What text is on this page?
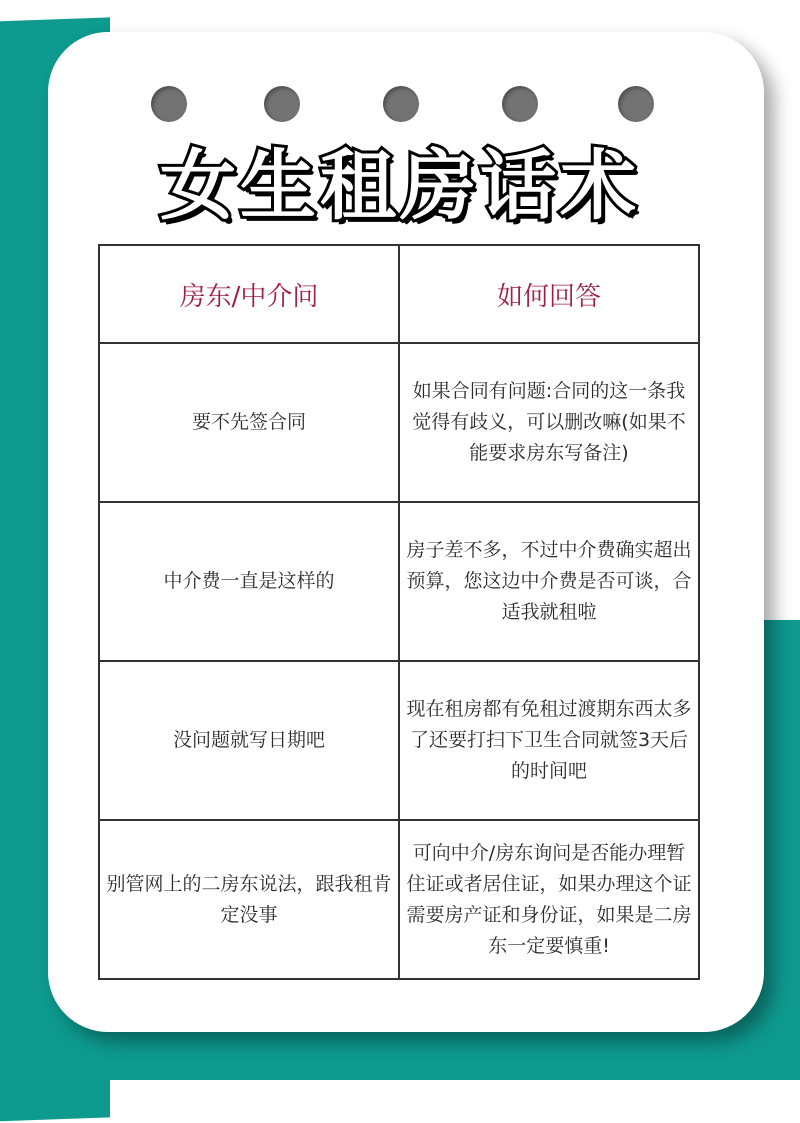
女生租房话术
房东/中介问	如何回答
要不先签合同	如果合同有问题:合同的这一条我觉得有歧义，可以删改嘛(如果不能要求房东写备注)
中介费一直是这样的	房子差不多，不过中介费确实超出预算，您这边中介费是否可谈，合适我就租啦
没问题就写日期吧	现在租房都有免租过渡期东西太多了还要打扫下卫生合同就签3天后的时间吧
别管网上的二房东说法，跟我租肯定没事	可向中介/房东询问是否能办理暂住证或者居住证，如果办理这个证需要房产证和身份证，如果是二房东一定要慎重!
